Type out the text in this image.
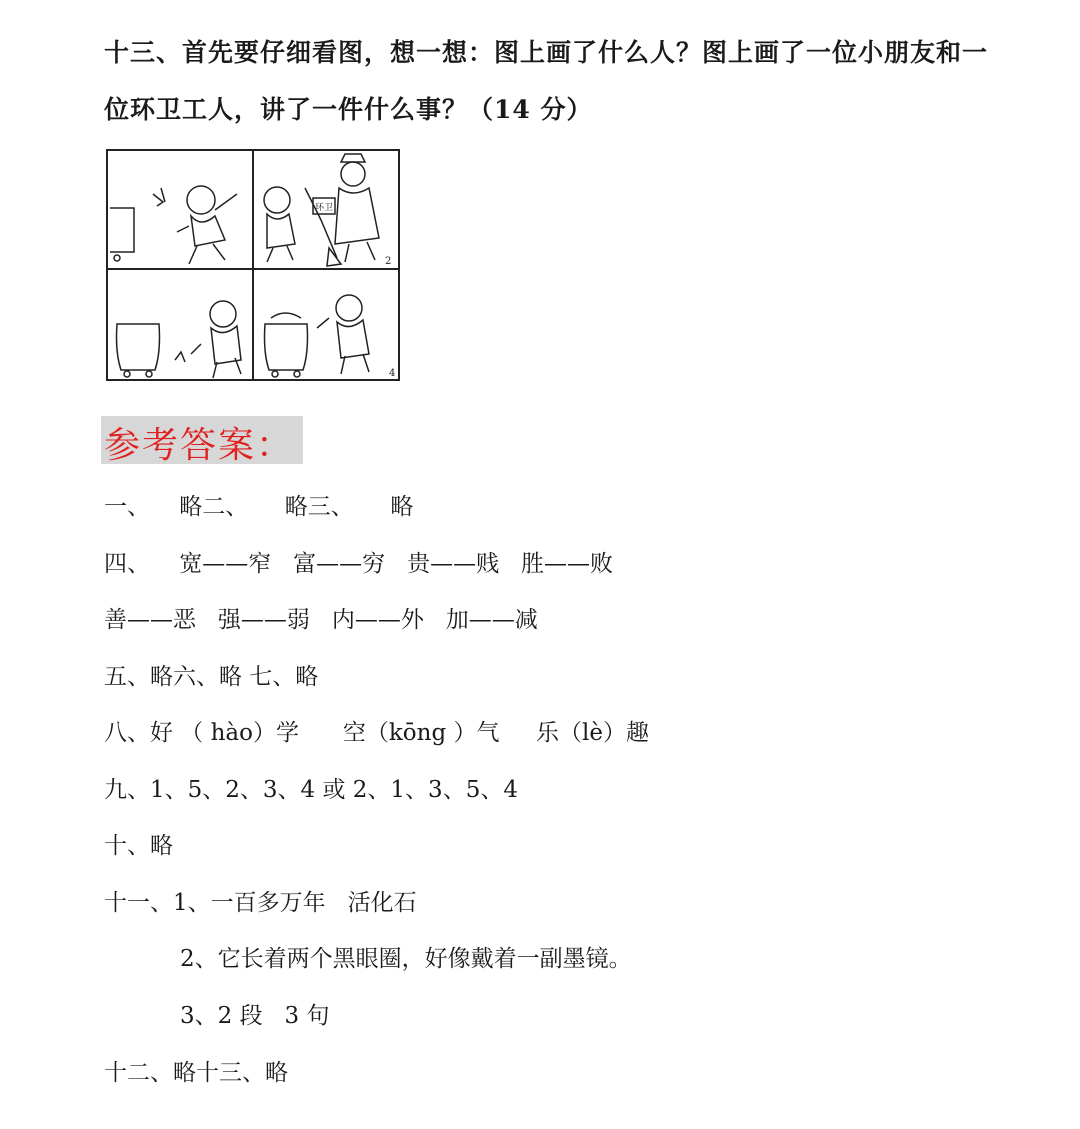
十三、首先要仔细看图，想一想：图上画了什么人？图上画了一位小朋友和一位环卫工人，讲了一件什么事？（14 分）
环卫
2
4
1
参考答案：
一、    略二、     略三、     略
四、    宽——窄   富——穷   贵——贱   胜——败
善——恶   强——弱   内——外   加——减
五、略六、略 七、略
八、好 （ hào）学      空（kōng ）气     乐（lè）趣
九、1、5、2、3、4 或 2、1、3、5、4
十、略
十一、1、一百多万年   活化石
2、它长着两个黑眼圈，好像戴着一副墨镜。
3、2 段   3 句
十二、略十三、略
